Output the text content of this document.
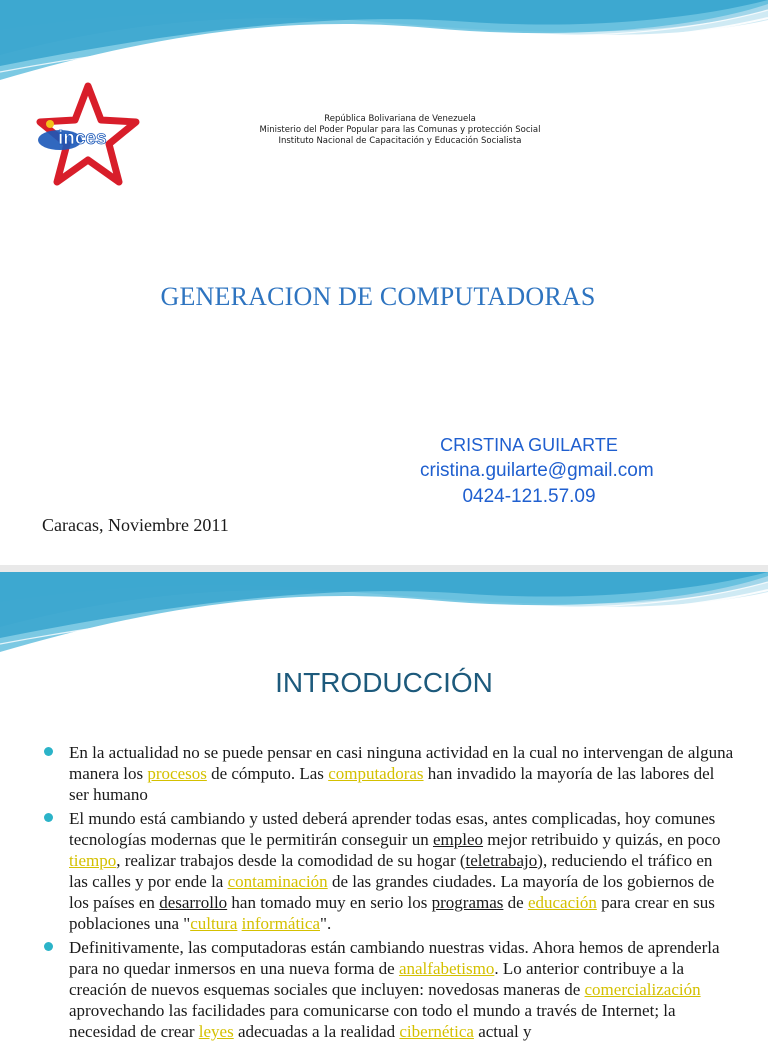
inces
República Bolivariana de Venezuela
Ministerio del Poder Popular para las Comunas y protección Social
Instituto Nacional de Capacitación y Educación Socialista
GENERACION DE COMPUTADORAS
CRISTINA GUILARTE
cristina.guilarte@gmail.com
0424-121.57.09
Caracas, Noviembre 2011
INTRODUCCIÓN
En la actualidad no se puede pensar en casi ninguna actividad en la cual no intervengan de alguna manera los procesos de cómputo. Las computadoras han invadido la mayoría de las labores del ser humano
El mundo está cambiando y usted deberá aprender todas esas, antes complicadas, hoy comunes tecnologías modernas que le permitirán conseguir un empleo mejor retribuido y quizás, en poco tiempo, realizar trabajos desde la comodidad de su hogar (teletrabajo), reduciendo el tráfico en las calles y por ende la contaminación de las grandes ciudades. La mayoría de los gobiernos de los países en desarrollo han tomado muy en serio los programas de educación para crear en sus poblaciones una "cultura informática".
Definitivamente, las computadoras están cambiando nuestras vidas. Ahora hemos de aprenderla para no quedar inmersos en una nueva forma de analfabetismo. Lo anterior contribuye a la creación de nuevos esquemas sociales que incluyen: novedosas maneras de comercialización aprovechando las facilidades para comunicarse con todo el mundo a través de Internet; la necesidad de crear leyes adecuadas a la realidad cibernética actual y
